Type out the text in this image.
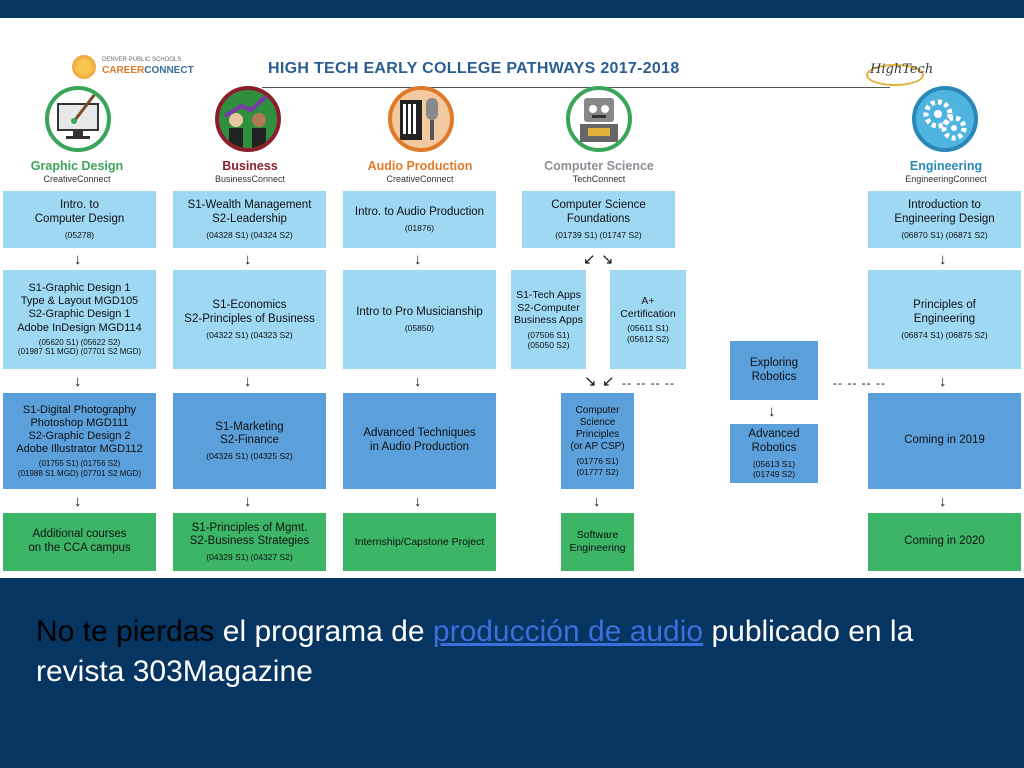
DENVER PUBLIC SCHOOLS
CAREERCONNECT	HIGH TECH EARLY COLLEGE PATHWAYS 2017-2018	HighTech
Graphic Design
CreativeConnect
Business
BusinessConnect
Audio Production
CreativeConnect
Computer Science
TechConnect
Engineering
EngineeringConnect
Intro. to
Computer Design
(05278)
S1-Graphic Design 1
Type & Layout MGD105
S2-Graphic Design 1
Adobe InDesign MGD114
(05620 S1) (05622 S2)
(01987 S1 MGD) (07701 S2 MGD)
S1-Digital Photography
Photoshop MGD111
S2-Graphic Design 2
Adobe Illustrator MGD112
(01755 S1) (01756 S2)
(01988 S1 MGD) (07701 S2 MGD)
Additional courses
on the CCA campus
S1-Wealth Management
S2-Leadership
(04328 S1) (04324 S2)
S1-Economics
S2-Principles of Business
(04322 S1) (04323 S2)
S1-Marketing
S2-Finance
(04326 S1) (04325 S2)
S1-Principles of Mgmt.
S2-Business Strategies
(04329 S1) (04327 S2)
Intro. to Audio Production
(01876)
Intro to Pro Musicianship
(05850)
Advanced Techniques
in Audio Production
Internship/Capstone Project
Computer Science
Foundations
(01739 S1) (01747 S2)
S1-Tech Apps
S2-Computer
Business Apps
(07506 S1)
(05050 S2)
A+
Certification
(05611 S1)
(05612 S2)
Computer
Science
Principles
(or AP CSP)
(01776 S1)
(01777 S2)
Software
Engineering
Exploring
Robotics
Advanced
Robotics
(05613 S1)
(01749 S2)
Introduction to
Engineering Design
(06870 S1) (06871 S2)
Principles of
Engineering
(06874 S1) (06875 S2)
Coming in 2019
Coming in 2020
↓
↓
↓
↓
↓
↓
↓
↓
↓	↓
↓
↓
↓
↓
↙ ↘
↘ ↙ -- -- -- --	-- -- -- --
No te pierdas el programa de producción de audio publicado en la revista 303Magazine
